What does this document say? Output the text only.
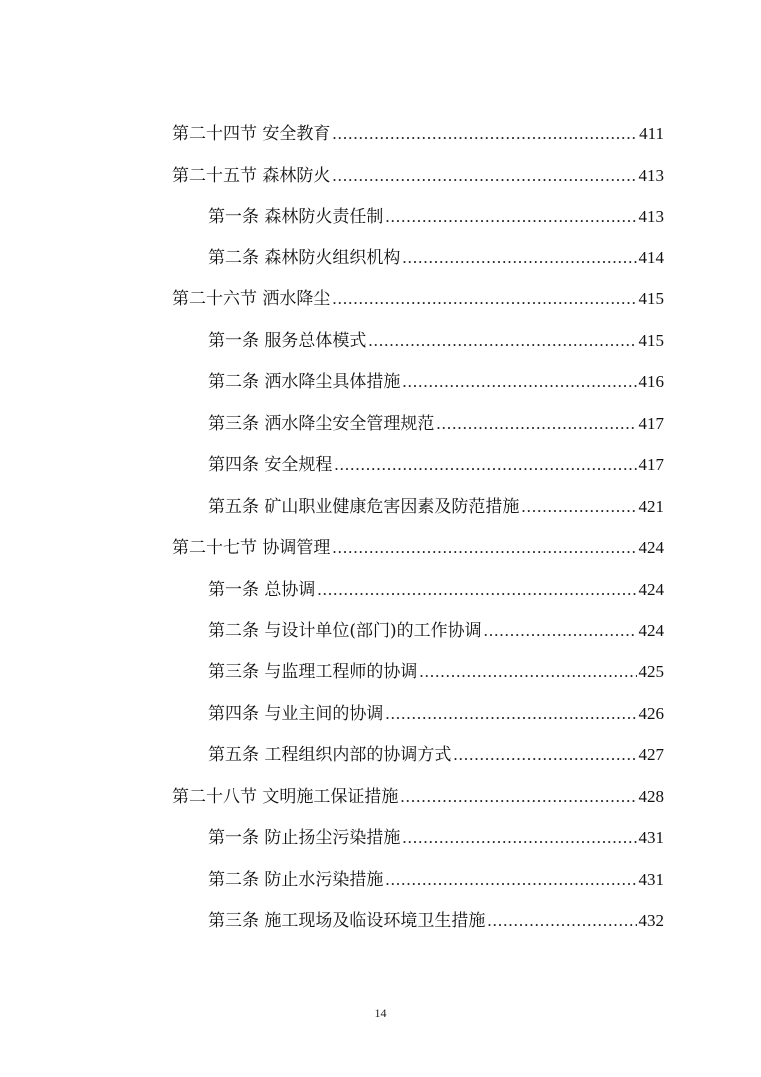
第二十四节 安全教育 .....	411
第二十五节 森林防火 .....	413
第一条 森林防火责任制 .....	413
第二条 森林防火组织机构 .....	414
第二十六节 洒水降尘 .....	415
第一条 服务总体模式 .....	415
第二条 洒水降尘具体措施 .....	416
第三条 洒水降尘安全管理规范 .....	417
第四条 安全规程 .....	417
第五条 矿山职业健康危害因素及防范措施 .....	421
第二十七节 协调管理 .....	424
第一条 总协调 .....	424
第二条 与设计单位(部门)的工作协调 .....	424
第三条 与监理工程师的协调 .....	425
第四条 与业主间的协调 .....	426
第五条 工程组织内部的协调方式 .....	427
第二十八节 文明施工保证措施 .....	428
第一条 防止扬尘污染措施 .....	431
第二条 防止水污染措施 .....	431
第三条 施工现场及临设环境卫生措施 .....	432
14
